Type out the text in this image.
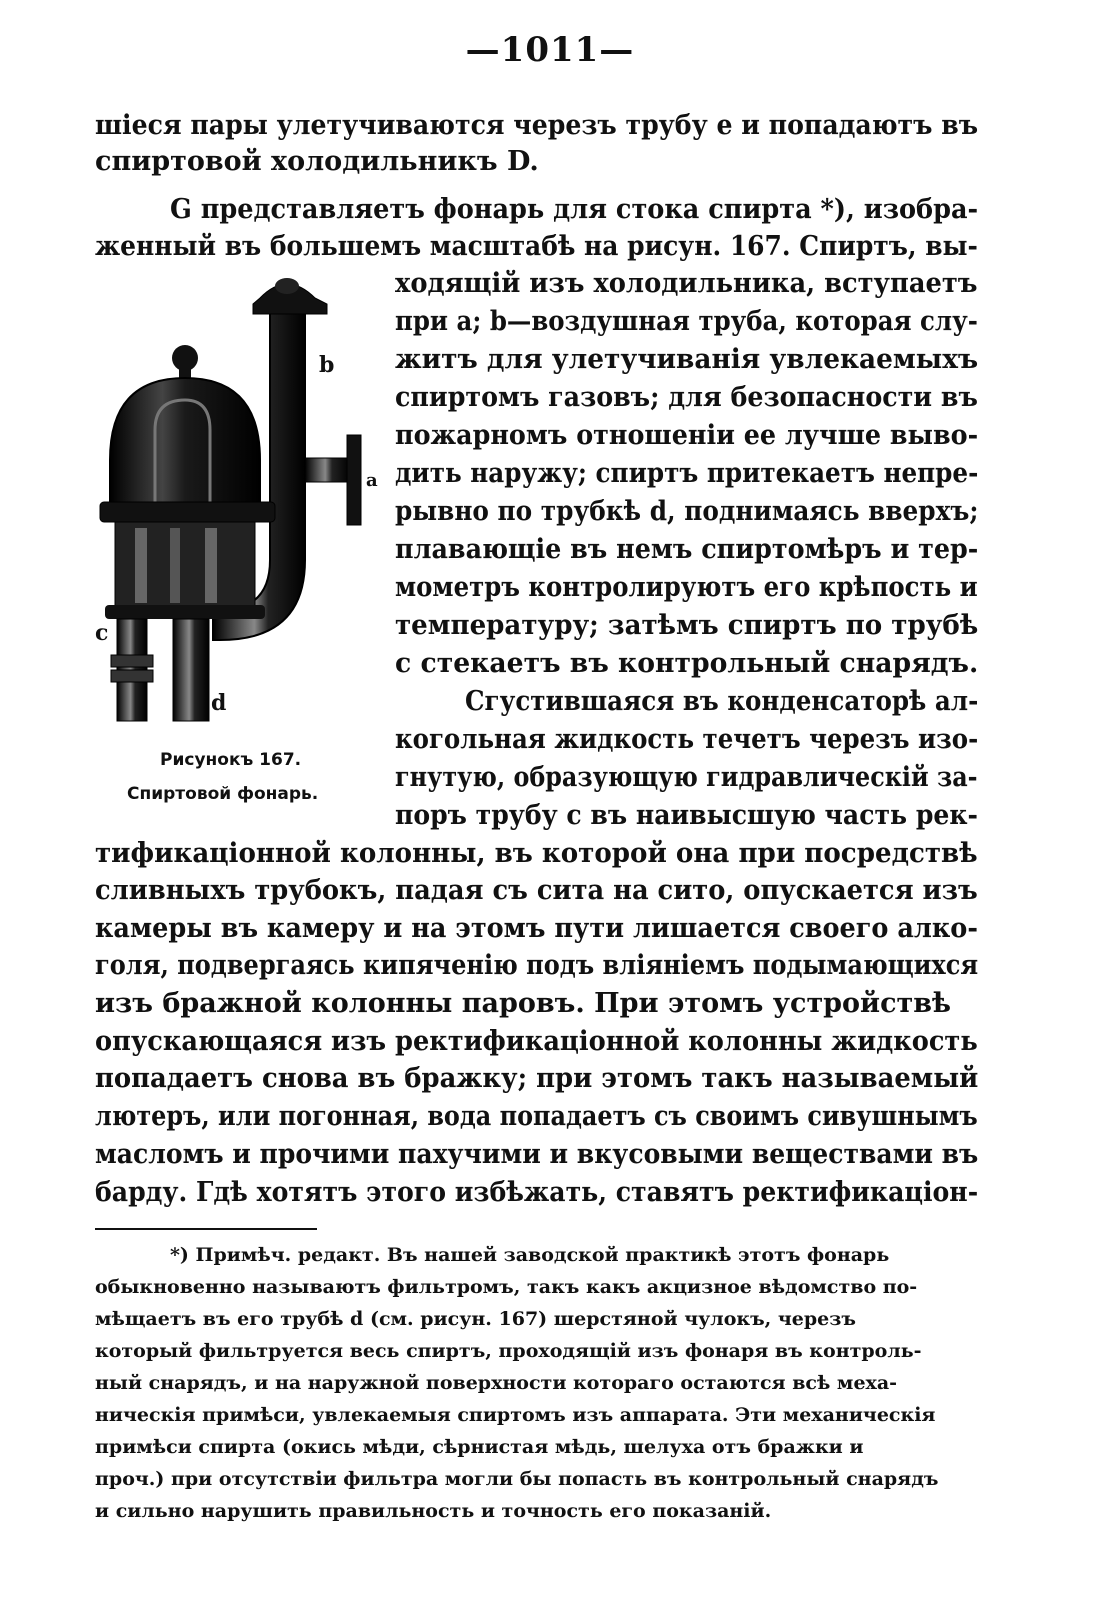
—1011—
шіеся пары улетучиваются черезъ трубу e и попадаютъ въ
спиртовой холодильникъ D.
G представляетъ фонарь для стока спирта *), изобра-
женный въ большемъ масштабѣ на рисун. 167. Спиртъ, вы-
ходящій изъ холодильника, вступаетъ
при a; b—воздушная труба, которая слу-
житъ для улетучиванія увлекаемыхъ
спиртомъ газовъ; для безопасности въ
пожарномъ отношеніи ее лучше выво-
дить наружу; спиртъ притекаетъ непре-
рывно по трубкѣ d, поднимаясь вверхъ;
плавающіе въ немъ спиртомѣръ и тер-
мометръ контролируютъ его крѣпость и
температуру; затѣмъ спиртъ по трубѣ
c стекаетъ въ контрольный снарядъ.
Сгустившаяся въ конденсаторѣ ал-
когольная жидкость течетъ черезъ изо-
гнутую, образующую гидравлическій за-
поръ трубу c въ наивысшую часть рек-
тификаціонной колонны, въ которой она при посредствѣ
сливныхъ трубокъ, падая съ сита на сито, опускается изъ
камеры въ камеру и на этомъ пути лишается своего алко-
голя, подвергаясь кипяченію подъ вліяніемъ подымающихся
изъ бражной колонны паровъ. При этомъ устройствѣ
опускающаяся изъ ректификаціонной колонны жидкость
попадаетъ снова въ бражку; при этомъ такъ называемый
лютеръ, или погонная, вода попадаетъ съ своимъ сивушнымъ
масломъ и прочими пахучими и вкусовыми веществами въ
барду. Гдѣ хотятъ этого избѣжать, ставятъ ректификаціон-
b
a
c
d
Рисунокъ 167.
Спиртовой фонарь.
*) Примѣч. редакт. Въ нашей заводской практикѣ этотъ фонарь
обыкновенно называютъ фильтромъ, такъ какъ акцизное вѣдомство по-
мѣщаетъ въ его трубѣ d (см. рисун. 167) шерстяной чулокъ, черезъ
который фильтруется весь спиртъ, проходящій изъ фонаря въ контроль-
ный снарядъ, и на наружной поверхности котораго остаются всѣ меха-
ническія примѣси, увлекаемыя спиртомъ изъ аппарата. Эти механическія
примѣси спирта (окись мѣди, сѣрнистая мѣдь, шелуха отъ бражки и
проч.) при отсутствіи фильтра могли бы попасть въ контрольный снарядъ
и сильно нарушить правильность и точность его показаній.
